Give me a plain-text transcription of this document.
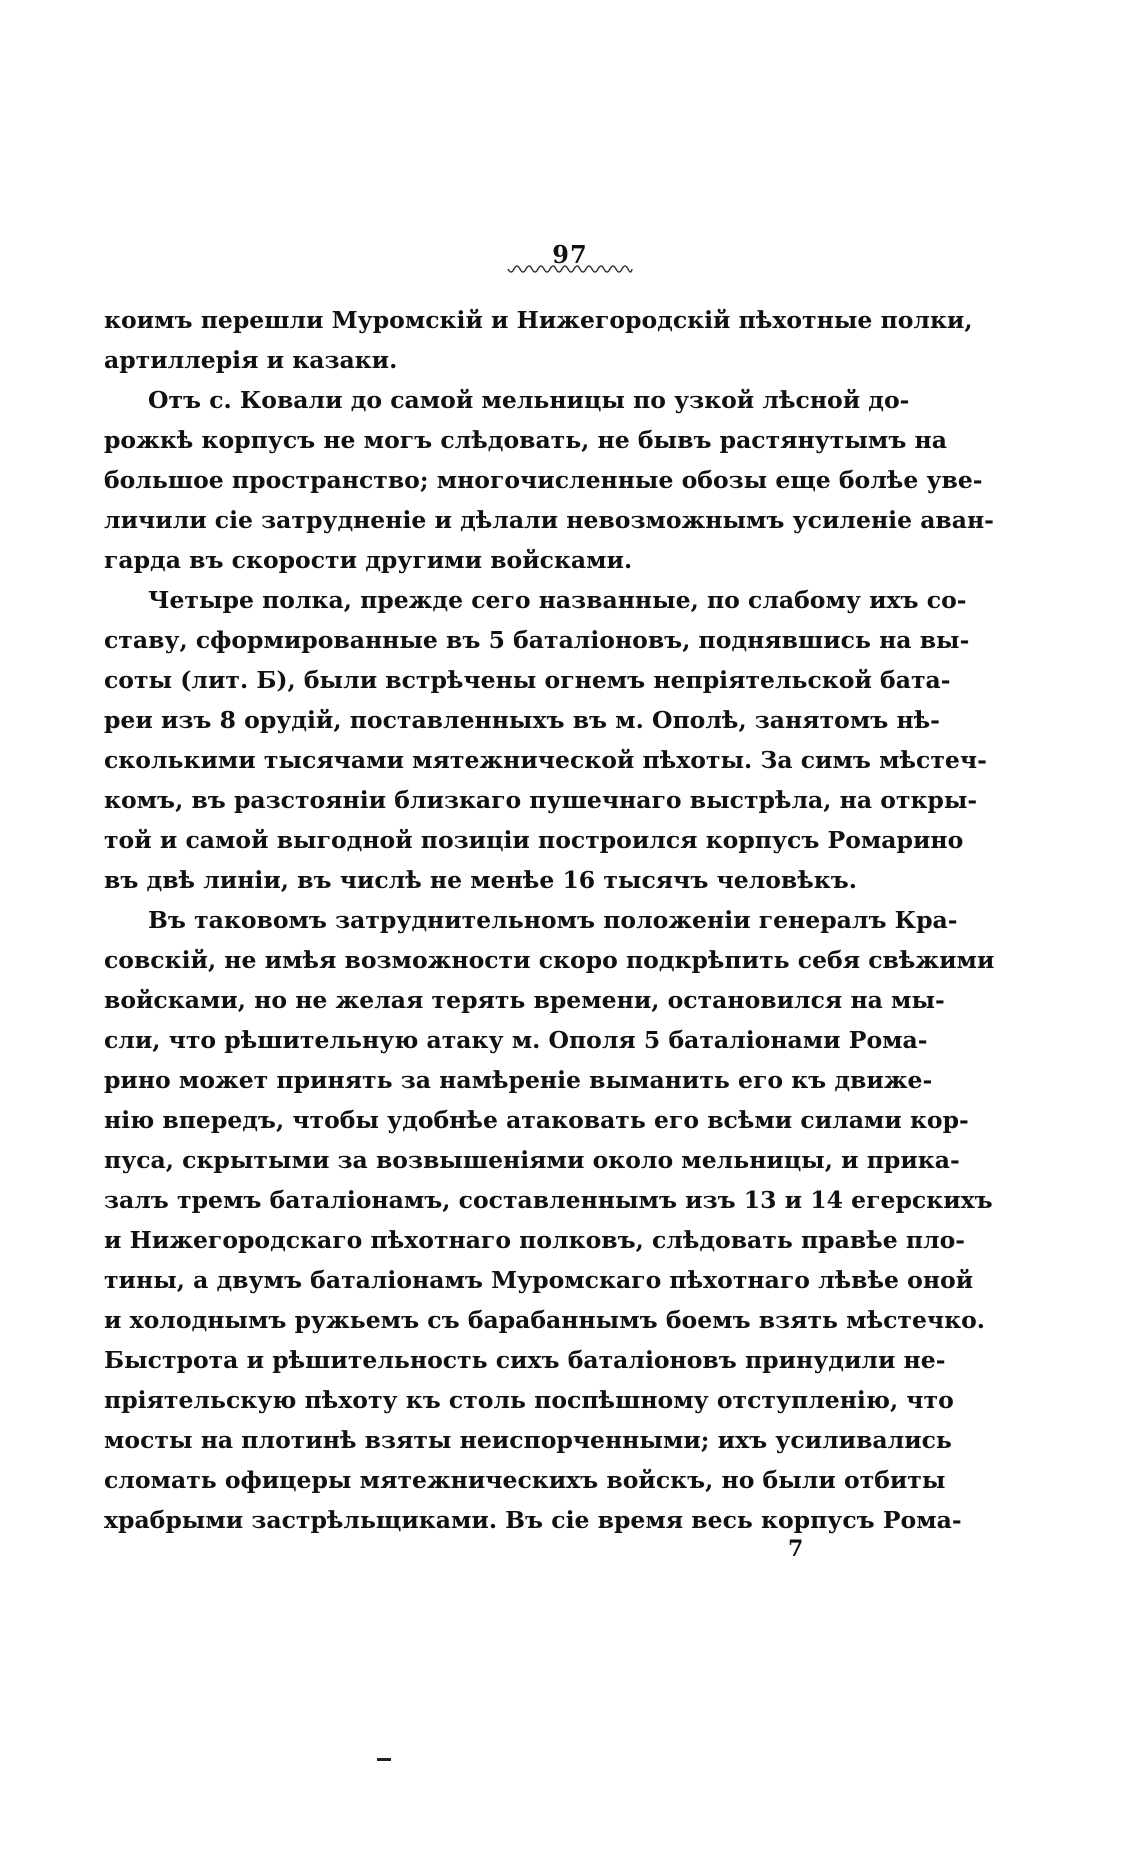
97
коимъ перешли Муромскій и Нижегородскій пѣхотные полки,
артиллерія и казаки.
Отъ с. Ковали до самой мельницы по узкой лѣсной до-
рожкѣ корпусъ не могъ слѣдовать, не бывъ растянутымъ на
большое пространство; многочисленные обозы еще болѣе уве-
личили сіе затрудненіе и дѣлали невозможнымъ усиленіе аван-
гарда въ скорости другими войсками.
Четыре полка, прежде сего названные, по слабому ихъ со-
ставу, сформированные въ 5 баталіоновъ, поднявшись на вы-
соты (лит. Б), были встрѣчены огнемъ непріятельской бата-
реи изъ 8 орудій, поставленныхъ въ м. Ополѣ, занятомъ нѣ-
сколькими тысячами мятежнической пѣхоты. За симъ мѣстеч-
комъ, въ разстояніи близкаго пушечнаго выстрѣла, на откры-
той и самой выгодной позиціи построился корпусъ Ромарино
въ двѣ линіи, въ числѣ не менѣе 16 тысячъ человѣкъ.
Въ таковомъ затруднительномъ положеніи генералъ Кра-
совскій, не имѣя возможности скоро подкрѣпить себя свѣжими
войсками, но не желая терять времени, остановился на мы-
сли, что рѣшительную атаку м. Ополя 5 баталіонами Рома-
рино может принять за намѣреніе выманить его къ движе-
нію впередъ, чтобы удобнѣе атаковать его всѣми силами кор-
пуса, скрытыми за возвышеніями около мельницы, и прика-
залъ тремъ баталіонамъ, составленнымъ изъ 13 и 14 егерскихъ
и Нижегородскаго пѣхотнаго полковъ, слѣдовать правѣе пло-
тины, а двумъ баталіонамъ Муромскаго пѣхотнаго лѣвѣе оной
и холоднымъ ружьемъ съ барабаннымъ боемъ взять мѣстечко.
Быстрота и рѣшительность сихъ баталіоновъ принудили не-
пріятельскую пѣхоту къ столь поспѣшному отступленію, что
мосты на плотинѣ взяты неиспорченными; ихъ усиливались
сломать офицеры мятежническихъ войскъ, но были отбиты
храбрыми застрѣльщиками. Въ сіе время весь корпусъ Рома-
7
